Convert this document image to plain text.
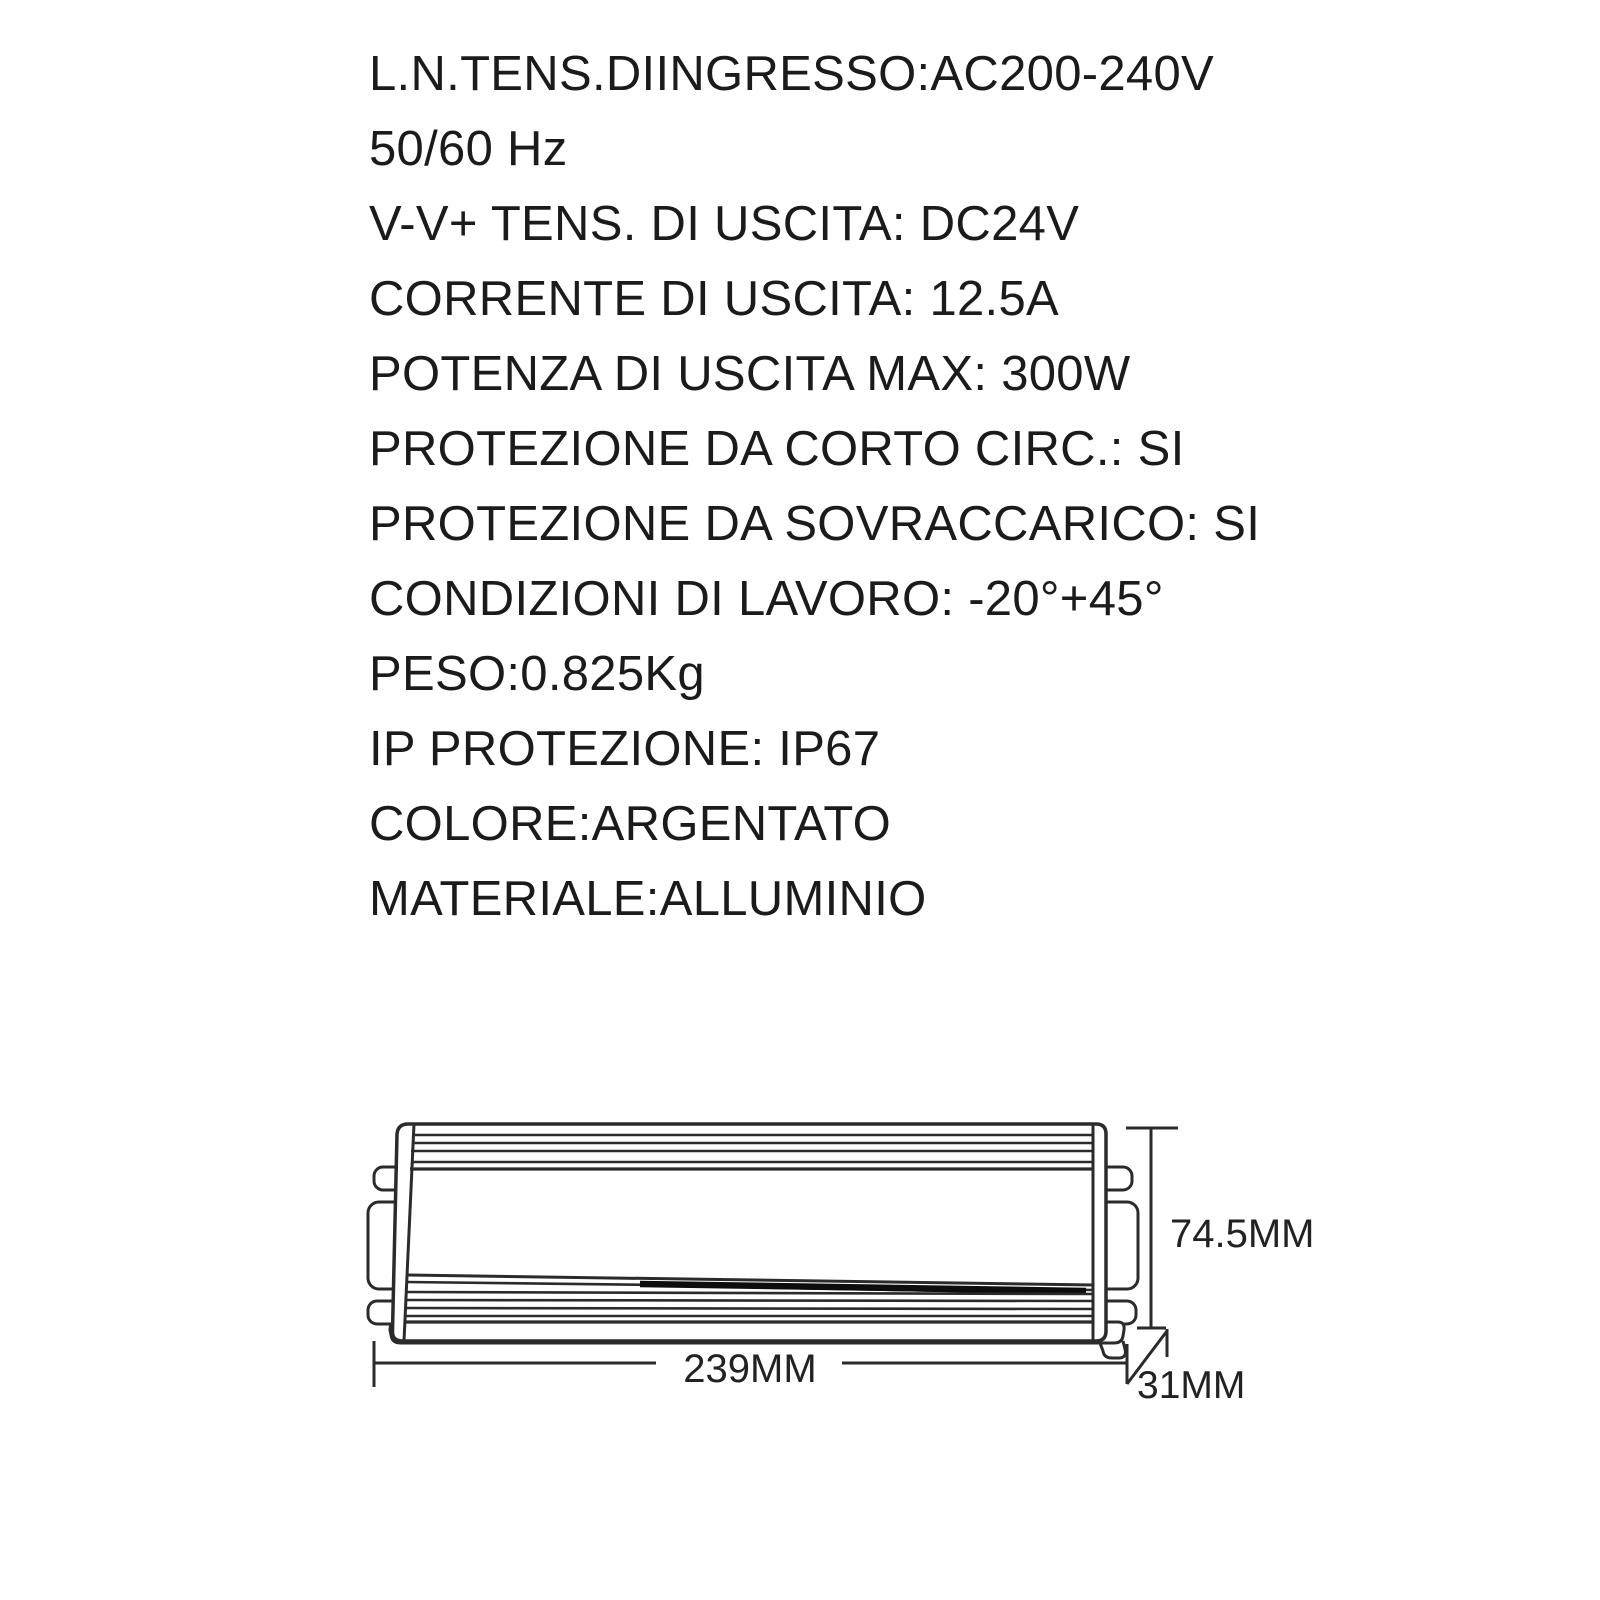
L.N.TENS.DIINGRESSO:AC200-240V
50/60 Hz
V-V+ TENS. DI USCITA: DC24V
CORRENTE DI USCITA: 12.5A
POTENZA DI USCITA MAX: 300W
PROTEZIONE DA CORTO CIRC.: SI
PROTEZIONE DA SOVRACCARICO: SI
CONDIZIONI DI LAVORO: -20°+45°
PESO:0.825Kg
IP PROTEZIONE: IP67
COLORE:ARGENTATO
MATERIALE:ALLUMINIO
74.5MM
239MM	31MM
